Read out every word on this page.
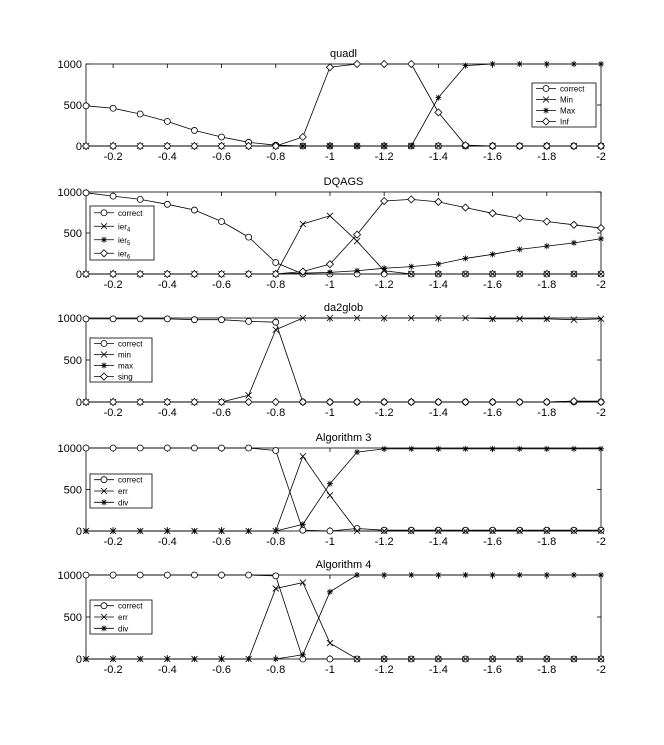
quadl
-0.2	-0.4	-0.6	-0.8	-1	-1.2	-1.4	-1.6	-1.8	-2
0
500
1000
correct
Min
Max
Inf
DQAGS
-0.2	-0.4	-0.6	-0.8	-1	-1.2	-1.4	-1.6	-1.8	-2
0
500
1000
correct
ier$_4$
ier$_5$
ier$_6$
da2glob
-0.2	-0.4	-0.6	-0.8	-1	-1.2	-1.4	-1.6	-1.8	-2
0
500
1000
correct
min
max
sing
Algorithm 3
-0.2	-0.4	-0.6	-0.8	-1	-1.2	-1.4	-1.6	-1.8	-2
0
500
1000
correct
err
div
Algorithm 4
-0.2	-0.4	-0.6	-0.8	-1	-1.2	-1.4	-1.6	-1.8	-2
0
500
1000
correct
err
div
